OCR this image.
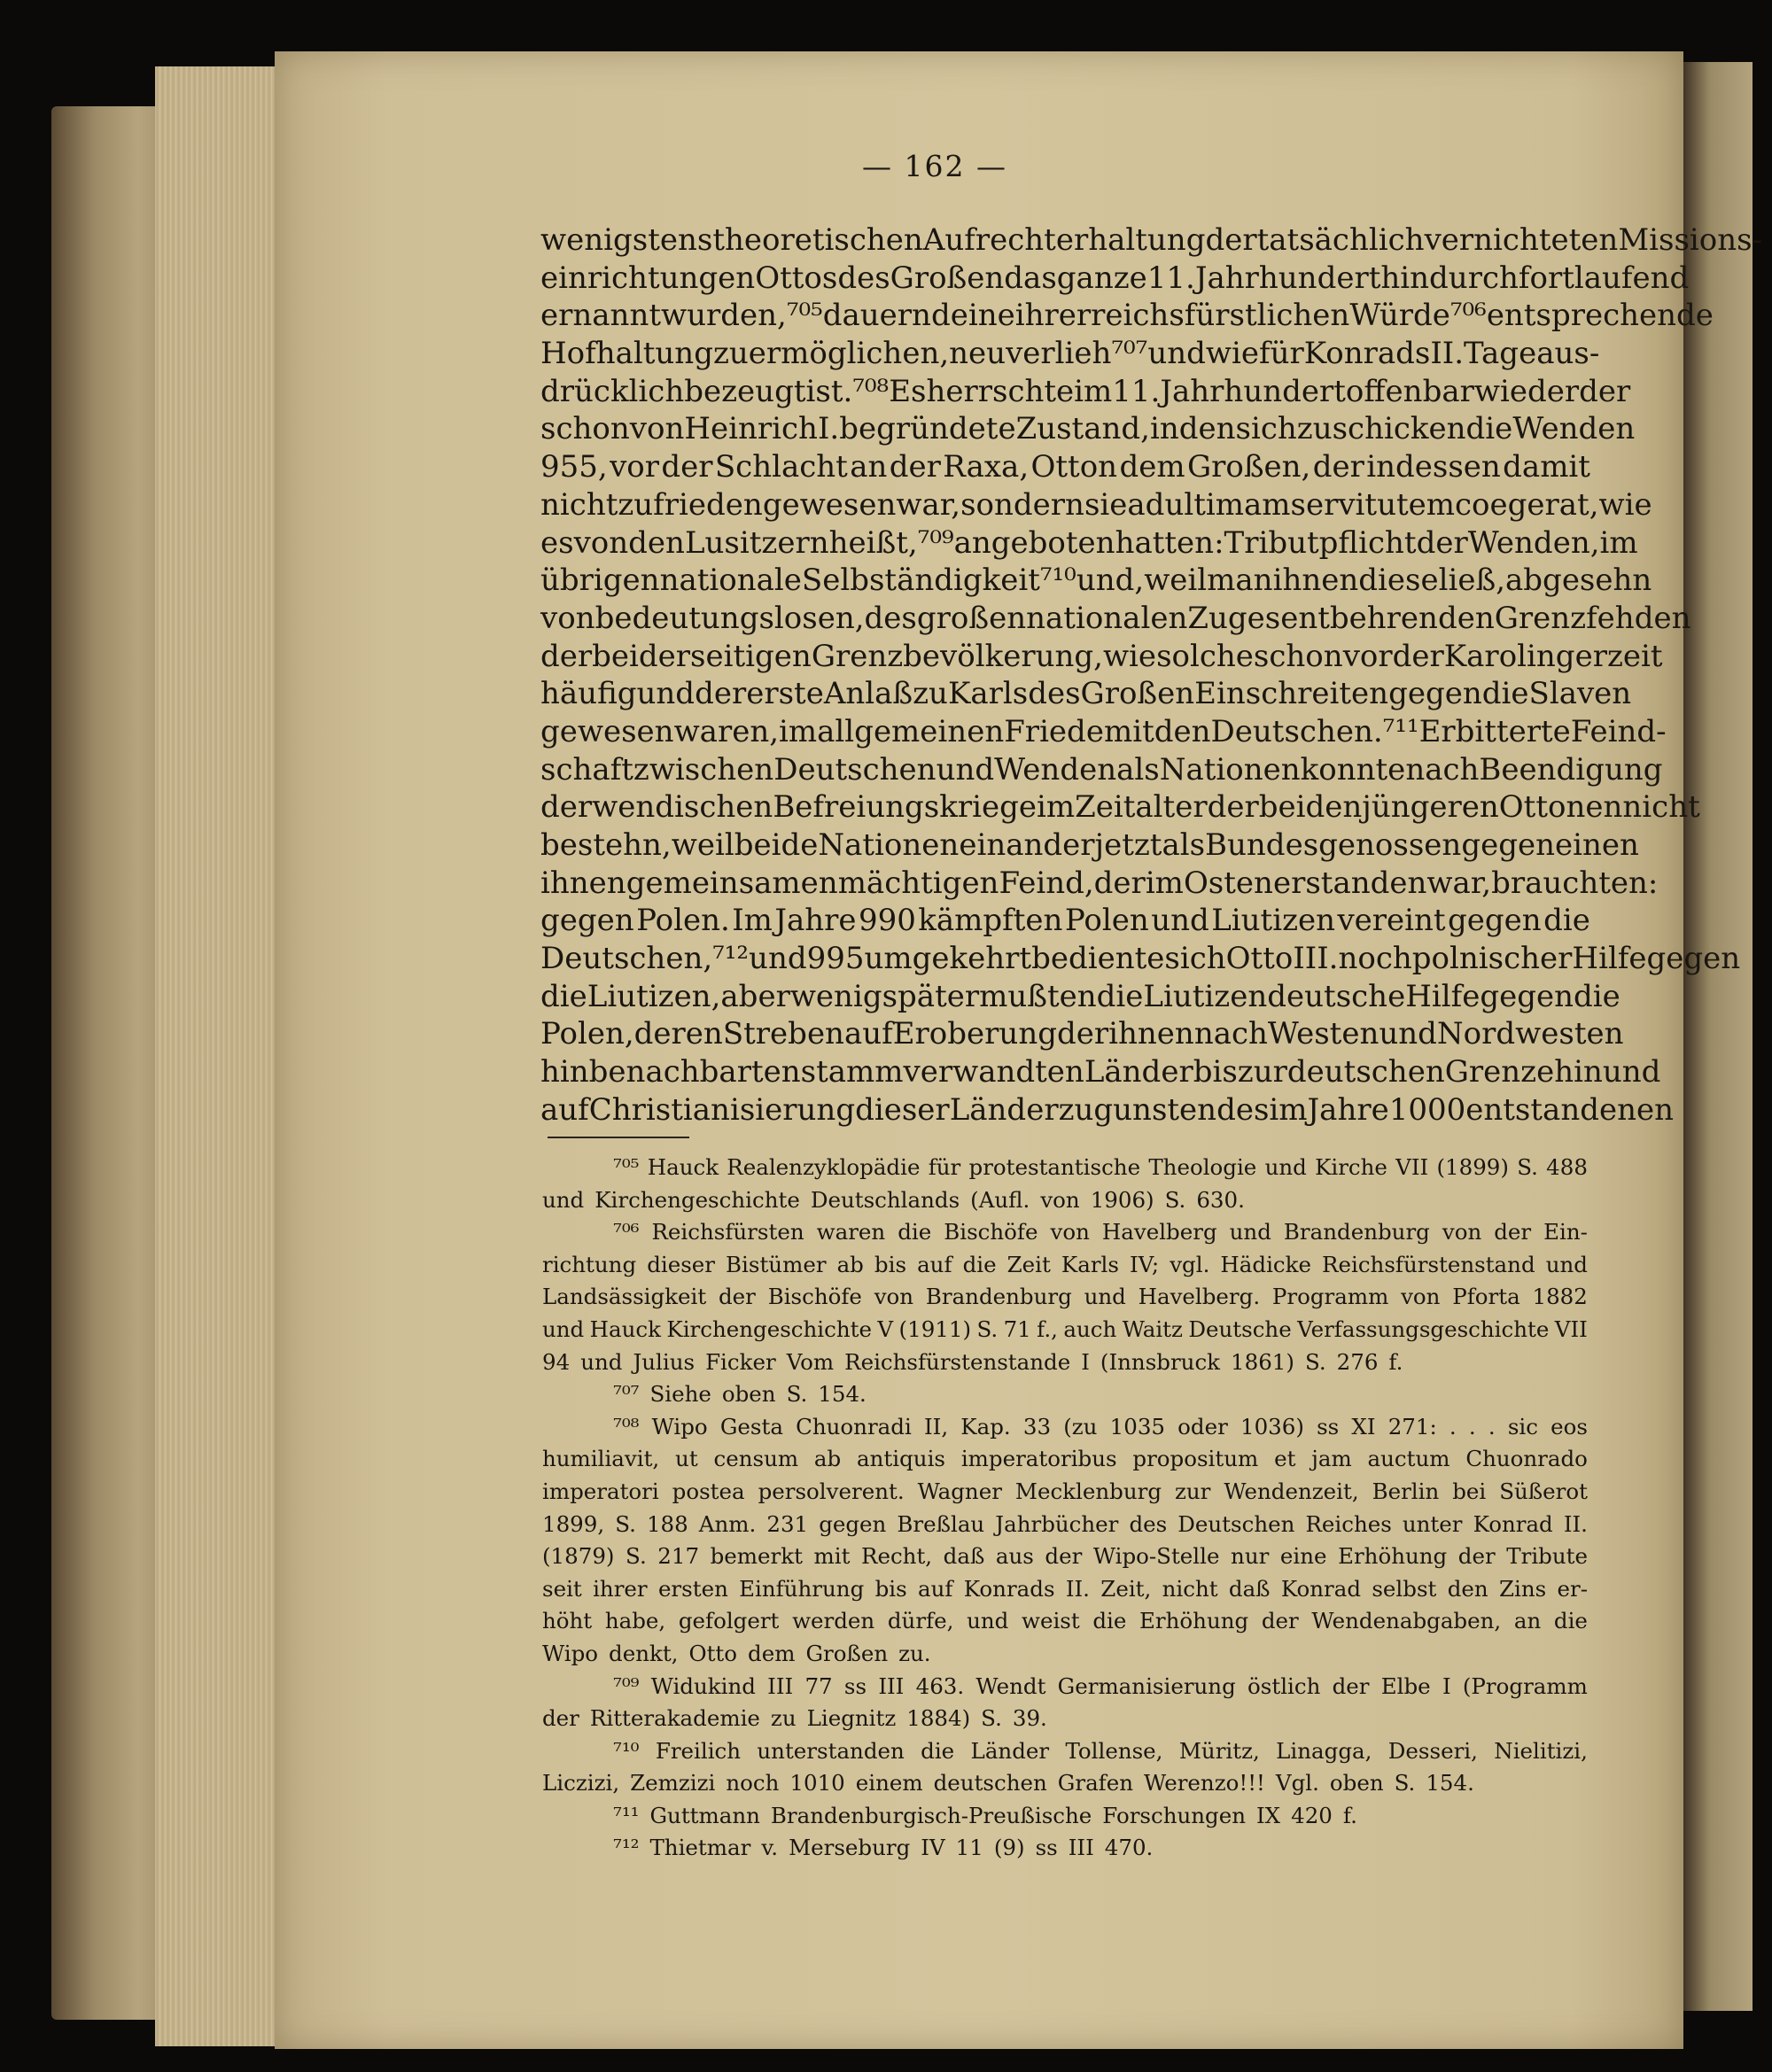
— 162 —
wenigstens theoretischen Aufrechterhaltung der tatsächlich vernichteten Missions-
einrichtungen Ottos des Großen das ganze 11. Jahrhundert hindurch fortlaufend
ernannt wurden,⁷⁰⁵ dauernd eine ihrer reichsfürstlichen Würde⁷⁰⁶ entsprechende
Hofhaltung zu ermöglichen, neu verlieh⁷⁰⁷ und wie für Konrads II. Tage aus-
drücklich bezeugt ist.⁷⁰⁸ Es herrschte im 11. Jahrhundert offenbar wieder der
schon von Heinrich I. begründete Zustand, in den sich zu schicken die Wenden
955, vor der Schlacht an der Raxa, Otton dem Großen, der indessen damit
nicht zufrieden gewesen war, sondern sie ad ultimam servitutem coegerat, wie
es von den Lusitzern heißt,⁷⁰⁹ angeboten hatten: Tributpflicht der Wenden, im
übrigen nationale Selbständigkeit⁷¹⁰ und, weil man ihnen diese ließ, abgesehn
von bedeutungslosen, des großen nationalen Zuges entbehrenden Grenzfehden
der beiderseitigen Grenzbevölkerung, wie solche schon vor der Karolingerzeit
häufig und der erste Anlaß zu Karls des Großen Einschreiten gegen die Slaven
gewesen waren, im allgemeinen Friede mit den Deutschen.⁷¹¹ Erbitterte Feind-
schaft zwischen Deutschen und Wenden als Nationen konnte nach Beendigung
der wendischen Befreiungskriege im Zeitalter der beiden jüngeren Ottonen nicht
bestehn, weil beide Nationen einander jetzt als Bundesgenossen gegen einen
ihnen gemeinsamen mächtigen Feind, der im Osten erstanden war, brauchten:
gegen Polen. Im Jahre 990 kämpften Polen und Liutizen vereint gegen die
Deutschen,⁷¹² und 995 umgekehrt bediente sich Otto III. noch polnischer Hilfe gegen
die Liutizen, aber wenig später mußten die Liutizen deutsche Hilfe gegen die
Polen, deren Streben auf Eroberung der ihnen nach Westen und Nordwesten
hin benachbarten stammverwandten Länder bis zur deutschen Grenze hin und
auf Christianisierung dieser Länder zugunsten des im Jahre 1000 entstandenen
⁷⁰⁵ Hauck Realenzyklopädie für protestantische Theologie und Kirche VII (1899) S. 488
und Kirchengeschichte Deutschlands (Aufl. von 1906) S. 630.
⁷⁰⁶ Reichsfürsten waren die Bischöfe von Havelberg und Brandenburg von der Ein-
richtung dieser Bistümer ab bis auf die Zeit Karls IV; vgl. Hädicke Reichsfürstenstand und
Landsässigkeit der Bischöfe von Brandenburg und Havelberg. Programm von Pforta 1882
und Hauck Kirchengeschichte V (1911) S. 71 f., auch Waitz Deutsche Verfassungsgeschichte VII
94 und Julius Ficker Vom Reichsfürstenstande I (Innsbruck 1861) S. 276 f.
⁷⁰⁷ Siehe oben S. 154.
⁷⁰⁸ Wipo Gesta Chuonradi II, Kap. 33 (zu 1035 oder 1036) ss XI 271: . . . sic eos
humiliavit, ut censum ab antiquis imperatoribus propositum et jam auctum Chuonrado
imperatori postea persolverent. Wagner Mecklenburg zur Wendenzeit, Berlin bei Süßerot
1899, S. 188 Anm. 231 gegen Breßlau Jahrbücher des Deutschen Reiches unter Konrad II.
(1879) S. 217 bemerkt mit Recht, daß aus der Wipo-Stelle nur eine Erhöhung der Tribute
seit ihrer ersten Einführung bis auf Konrads II. Zeit, nicht daß Konrad selbst den Zins er-
höht habe, gefolgert werden dürfe, und weist die Erhöhung der Wendenabgaben, an die
Wipo denkt, Otto dem Großen zu.
⁷⁰⁹ Widukind III 77 ss III 463. Wendt Germanisierung östlich der Elbe I (Programm
der Ritterakademie zu Liegnitz 1884) S. 39.
⁷¹⁰ Freilich unterstanden die Länder Tollense, Müritz, Linagga, Desseri, Nielitizi,
Liczizi, Zemzizi noch 1010 einem deutschen Grafen Werenzo!!! Vgl. oben S. 154.
⁷¹¹ Guttmann Brandenburgisch-Preußische Forschungen IX 420 f.
⁷¹² Thietmar v. Merseburg IV 11 (9) ss III 470.
